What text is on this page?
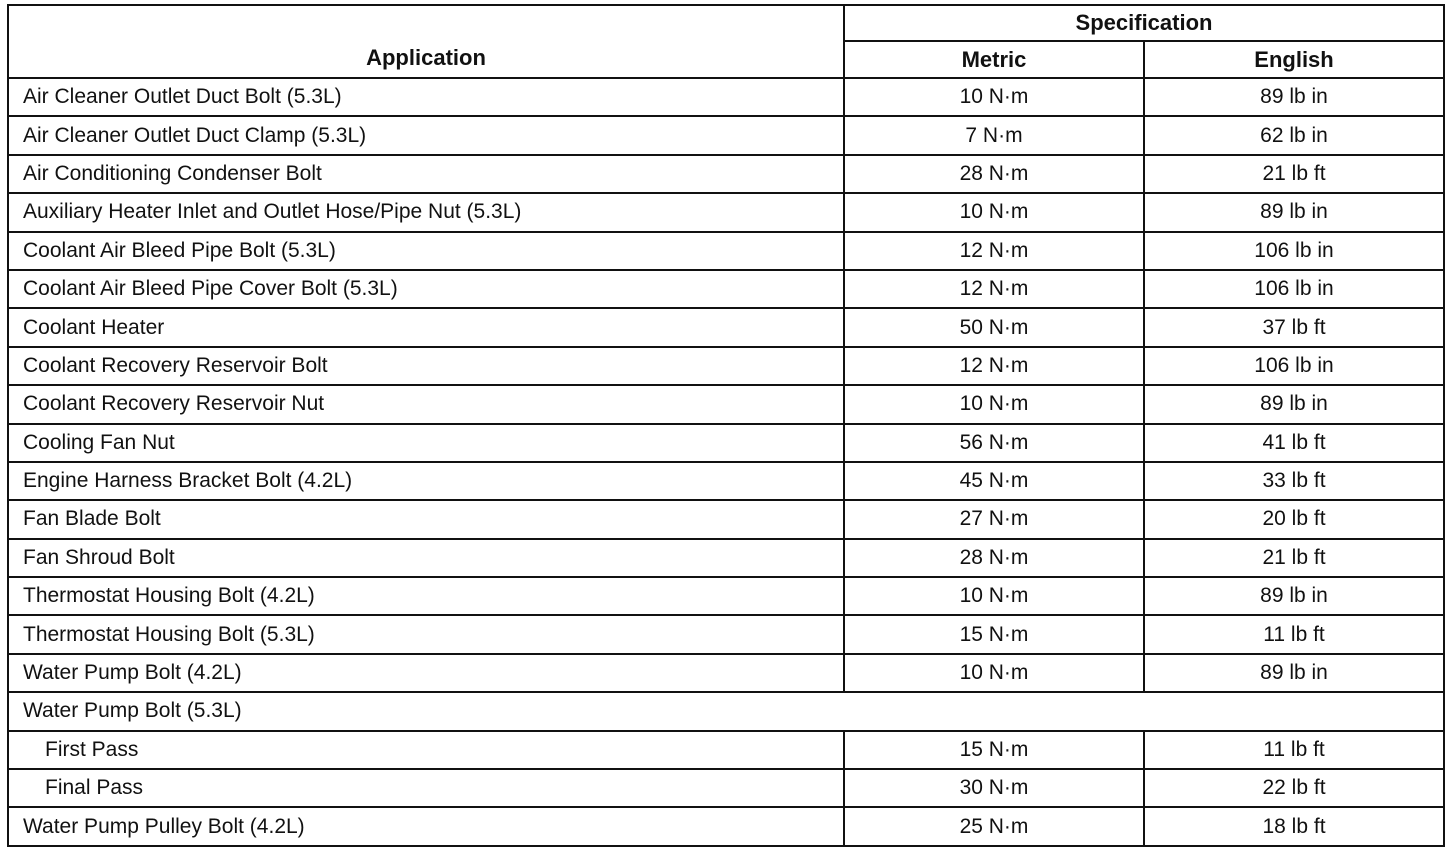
Application	Specification	
	Metric	English
Air Cleaner Outlet Duct Bolt (5.3L)	10 N·m	89 lb in
Air Cleaner Outlet Duct Clamp (5.3L)	7 N·m	62 lb in
Air Conditioning Condenser Bolt	28 N·m	21 lb ft
Auxiliary Heater Inlet and Outlet Hose/Pipe Nut (5.3L)	10 N·m	89 lb in
Coolant Air Bleed Pipe Bolt (5.3L)	12 N·m	106 lb in
Coolant Air Bleed Pipe Cover Bolt (5.3L)	12 N·m	106 lb in
Coolant Heater	50 N·m	37 lb ft
Coolant Recovery Reservoir Bolt	12 N·m	106 lb in
Coolant Recovery Reservoir Nut	10 N·m	89 lb in
Cooling Fan Nut	56 N·m	41 lb ft
Engine Harness Bracket Bolt (4.2L)	45 N·m	33 lb ft
Fan Blade Bolt	27 N·m	20 lb ft
Fan Shroud Bolt	28 N·m	21 lb ft
Thermostat Housing Bolt (4.2L)	10 N·m	89 lb in
Thermostat Housing Bolt (5.3L)	15 N·m	11 lb ft
Water Pump Bolt (4.2L)	10 N·m	89 lb in
Water Pump Bolt (5.3L)		
First Pass	15 N·m	11 lb ft
Final Pass	30 N·m	22 lb ft
Water Pump Pulley Bolt (4.2L)	25 N·m	18 lb ft
